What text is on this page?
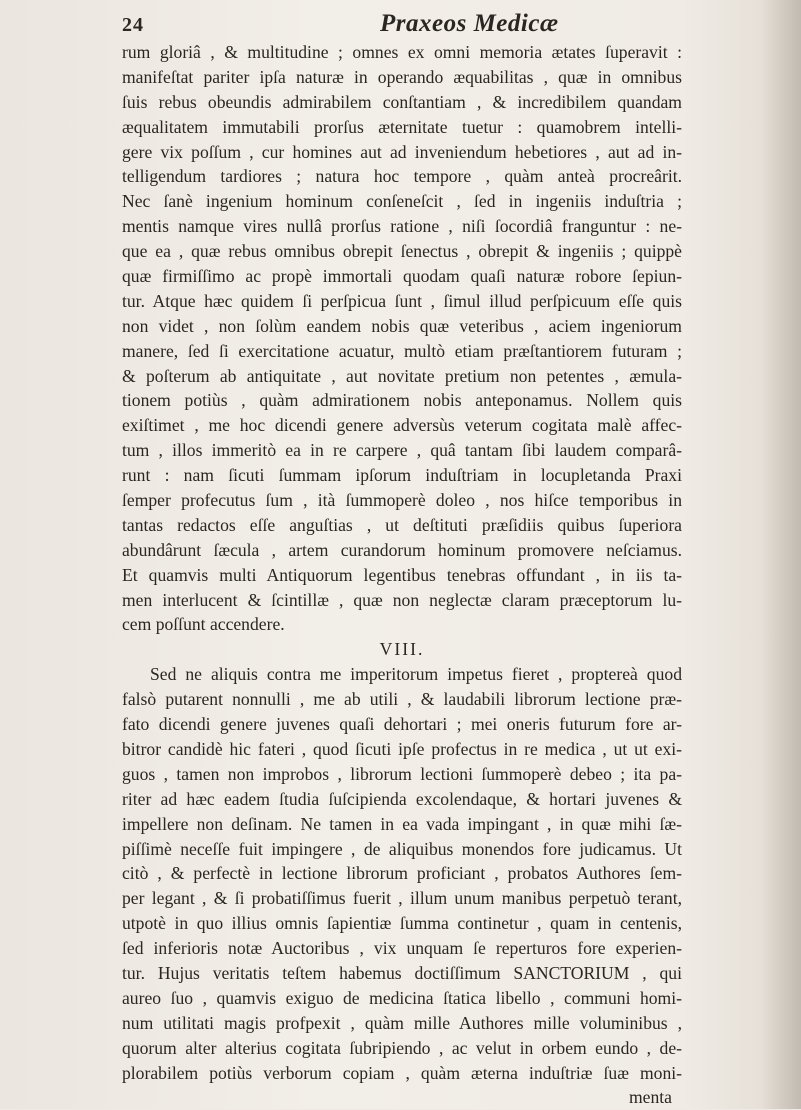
24	Praxeos Medicæ
rum gloriâ , & multitudine ; omnes ex omni memoria ætates ſuperavit :
manifeſtat pariter ipſa naturæ in operando æquabilitas , quæ in omnibus
ſuis rebus obeundis admirabilem conſtantiam , & incredibilem quandam
æqualitatem immutabili prorſus æternitate tuetur : quamobrem intelli-
gere vix poſſum , cur homines aut ad inveniendum hebetiores , aut ad in-
telligendum tardiores ; natura hoc tempore , quàm anteà procreârit.
Nec ſanè ingenium hominum conſeneſcit , ſed in ingeniis induſtria ;
mentis namque vires nullâ prorſus ratione , niſi ſocordiâ franguntur : ne-
que ea , quæ rebus omnibus obrepit ſenectus , obrepit & ingeniis ; quippè
quæ firmiſſimo ac propè immortali quodam quaſi naturæ robore ſepiun-
tur. Atque hæc quidem ſi perſpicua ſunt , ſimul illud perſpicuum eſſe quis
non videt , non ſolùm eandem nobis quæ veteribus , aciem ingeniorum
manere, ſed ſi exercitatione acuatur, multò etiam præſtantiorem futuram ;
& poſterum ab antiquitate , aut novitate pretium non petentes , æmula-
tionem potiùs , quàm admirationem nobis anteponamus. Nollem quis
exiſtimet , me hoc dicendi genere adversùs veterum cogitata malè affec-
tum , illos immeritò ea in re carpere , quâ tantam ſibi laudem comparâ-
runt : nam ſicuti ſummam ipſorum induſtriam in locupletanda Praxi
ſemper profecutus ſum , ità ſummoperè doleo , nos hiſce temporibus in
tantas redactos eſſe anguſtias , ut deſtituti præſidiis quibus ſuperiora
abundârunt ſæcula , artem curandorum hominum promovere neſciamus.
Et quamvis multi Antiquorum legentibus tenebras offundant , in iis ta-
men interlucent & ſcintillæ , quæ non neglectæ claram præceptorum lu-
cem poſſunt accendere.
VIII.
Sed ne aliquis contra me imperitorum impetus fieret , proptereà quod
falsò putarent nonnulli , me ab utili , & laudabili librorum lectione præ-
fato dicendi genere juvenes quaſi dehortari ; mei oneris futurum fore ar-
bitror candidè hic fateri , quod ſicuti ipſe profectus in re medica , ut ut exi-
guos , tamen non improbos , librorum lectioni ſummoperè debeo ; ita pa-
riter ad hæc eadem ſtudia ſuſcipienda excolendaque, & hortari juvenes &
impellere non deſinam. Ne tamen in ea vada impingant , in quæ mihi ſæ-
piſſimè neceſſe fuit impingere , de aliquibus monendos fore judicamus. Ut
citò , & perfectè in lectione librorum proficiant , probatos Authores ſem-
per legant , & ſi probatiſſimus fuerit , illum unum manibus perpetuò terant,
utpotè in quo illius omnis ſapientiæ ſumma continetur , quam in centenis,
ſed inferioris notæ Auctoribus , vix unquam ſe reperturos fore experien-
tur. Hujus veritatis teſtem habemus doctiſſimum SANCTORIUM , qui
aureo ſuo , quamvis exiguo de medicina ſtatica libello , communi homi-
num utilitati magis profpexit , quàm mille Authores mille voluminibus ,
quorum alter alterius cogitata ſubripiendo , ac velut in orbem eundo , de-
plorabilem potiùs verborum copiam , quàm æterna induſtriæ ſuæ moni-
menta
